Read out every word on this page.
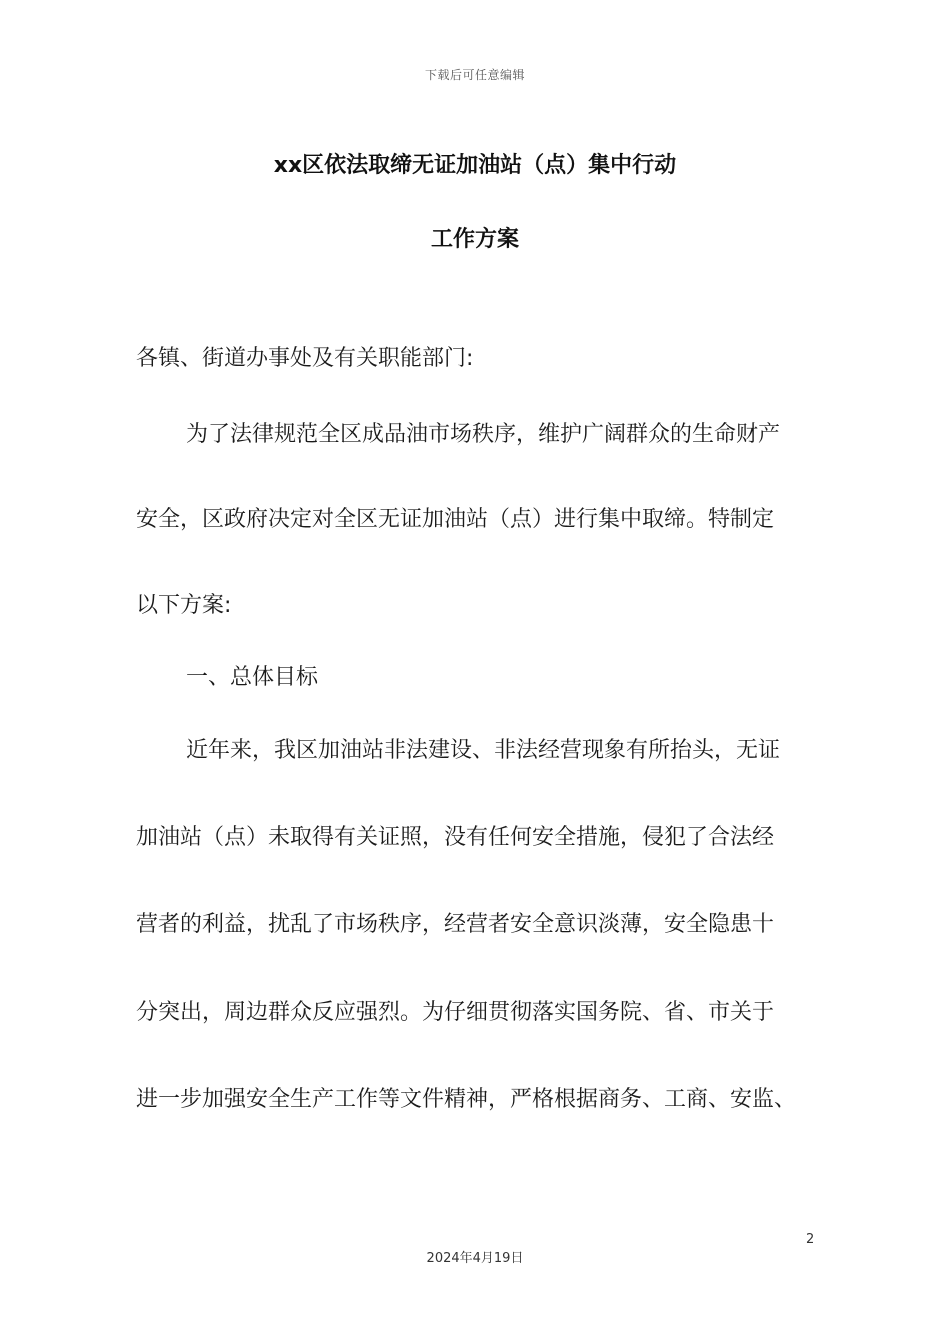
下载后可任意编辑
xx区依法取缔无证加油站（点）集中行动
工作方案
各镇、街道办事处及有关职能部门:
为了法律规范全区成品油市场秩序，维护广阔群众的生命财产
安全，区政府决定对全区无证加油站（点）进行集中取缔。特制定
以下方案:
一、总体目标
近年来，我区加油站非法建设、非法经营现象有所抬头，无证
加油站（点）未取得有关证照，没有任何安全措施，侵犯了合法经
营者的利益，扰乱了市场秩序，经营者安全意识淡薄，安全隐患十
分突出，周边群众反应强烈。为仔细贯彻落实国务院、省、市关于
进一步加强安全生产工作等文件精神，严格根据商务、工商、安监、
2
2024年4月19日
